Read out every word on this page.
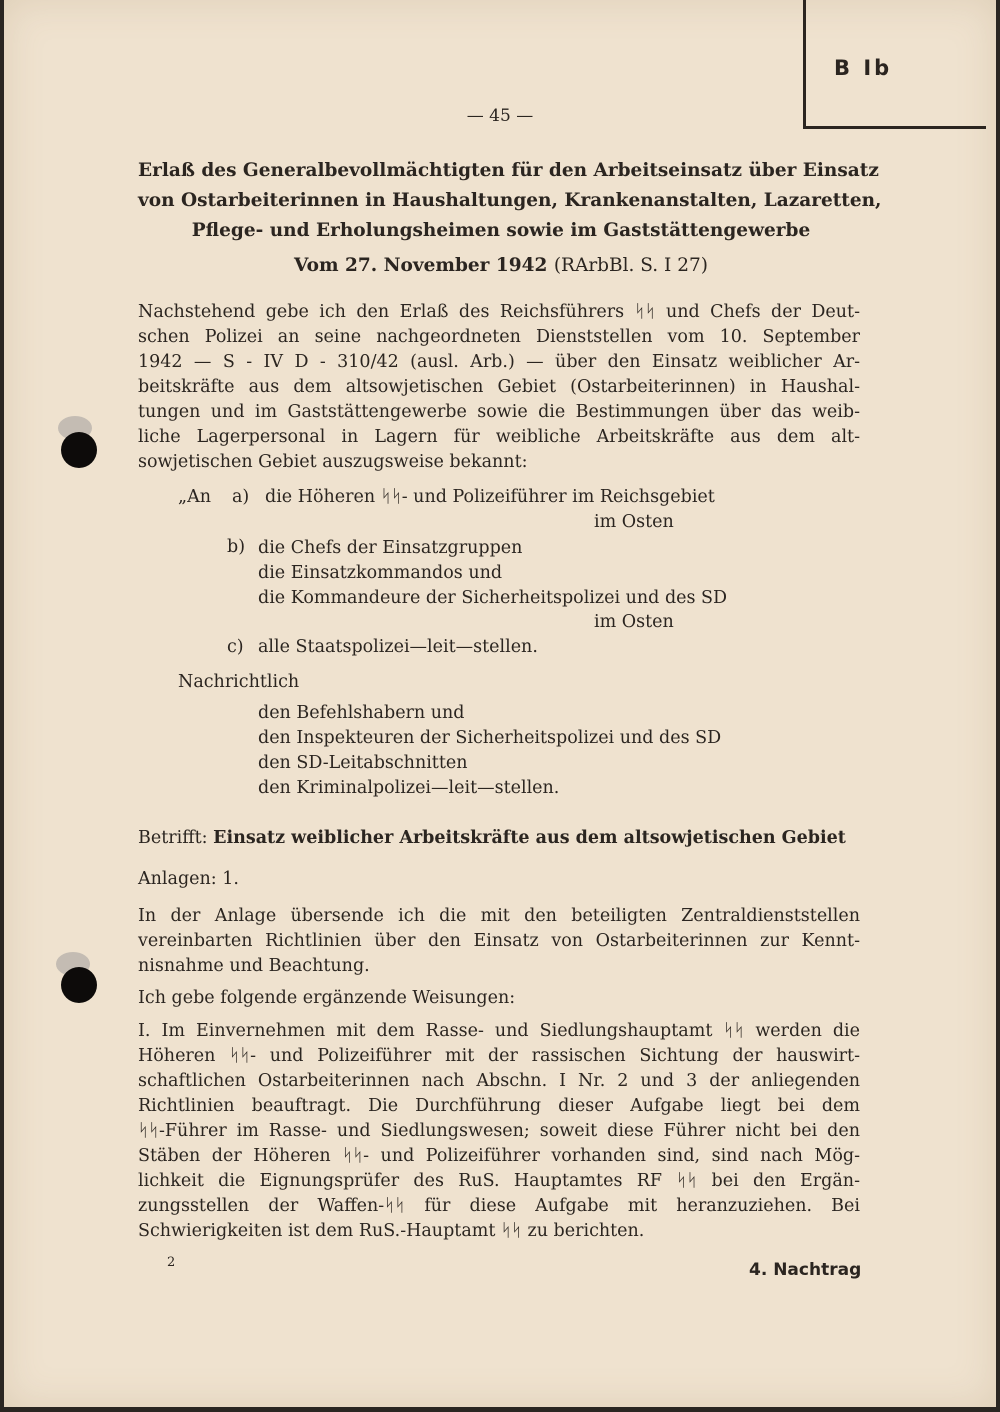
B Ib
— 45 —
Erlaß des Generalbevollmächtigten für den Arbeitseinsatz über Einsatz
von Ostarbeiterinnen in Haushaltungen, Krankenanstalten, Lazaretten,
Pflege- und Erholungsheimen sowie im Gaststättengewerbe
Vom 27. November 1942 (RArbBl. S. I 27)
Nachstehend gebe ich den Erlaß des Reichsführers ᛋᛋ und Chefs der Deut-
schen Polizei an seine nachgeordneten Dienststellen vom 10. September
1942 — S - IV D - 310/42 (ausl. Arb.) — über den Einsatz weiblicher Ar-
beitskräfte aus dem altsowjetischen Gebiet (Ostarbeiterinnen) in Haushal-
tungen und im Gaststättengewerbe sowie die Bestimmungen über das weib-
liche Lagerpersonal in Lagern für weibliche Arbeitskräfte aus dem alt-
sowjetischen Gebiet auszugsweise bekannt:
„An a) die Höheren ᛋᛋ- und Polizeiführer im Reichsgebiet
im Osten
b) die Chefs der Einsatzgruppen
die Einsatzkommandos und
die Kommandeure der Sicherheitspolizei und des SD
im Osten
c) alle Staatspolizei—leit—stellen.
Nachrichtlich
den Befehlshabern und
den Inspekteuren der Sicherheitspolizei und des SD
den SD-Leitabschnitten
den Kriminalpolizei—leit—stellen.
Betrifft: Einsatz weiblicher Arbeitskräfte aus dem altsowjetischen Gebiet
Anlagen: 1.
In der Anlage übersende ich die mit den beteiligten Zentraldienststellen
vereinbarten Richtlinien über den Einsatz von Ostarbeiterinnen zur Kennt-
nisnahme und Beachtung.
Ich gebe folgende ergänzende Weisungen:
I. Im Einvernehmen mit dem Rasse- und Siedlungshauptamt ᛋᛋ werden die
Höheren ᛋᛋ- und Polizeiführer mit der rassischen Sichtung der hauswirt-
schaftlichen Ostarbeiterinnen nach Abschn. I Nr. 2 und 3 der anliegenden
Richtlinien beauftragt. Die Durchführung dieser Aufgabe liegt bei dem
ᛋᛋ-Führer im Rasse- und Siedlungswesen; soweit diese Führer nicht bei den
Stäben der Höheren ᛋᛋ- und Polizeiführer vorhanden sind, sind nach Mög-
lichkeit die Eignungsprüfer des RuS. Hauptamtes RF ᛋᛋ bei den Ergän-
zungsstellen der Waffen-ᛋᛋ für diese Aufgabe mit heranzuziehen. Bei
Schwierigkeiten ist dem RuS.-Hauptamt ᛋᛋ zu berichten.
2	4. Nachtrag
